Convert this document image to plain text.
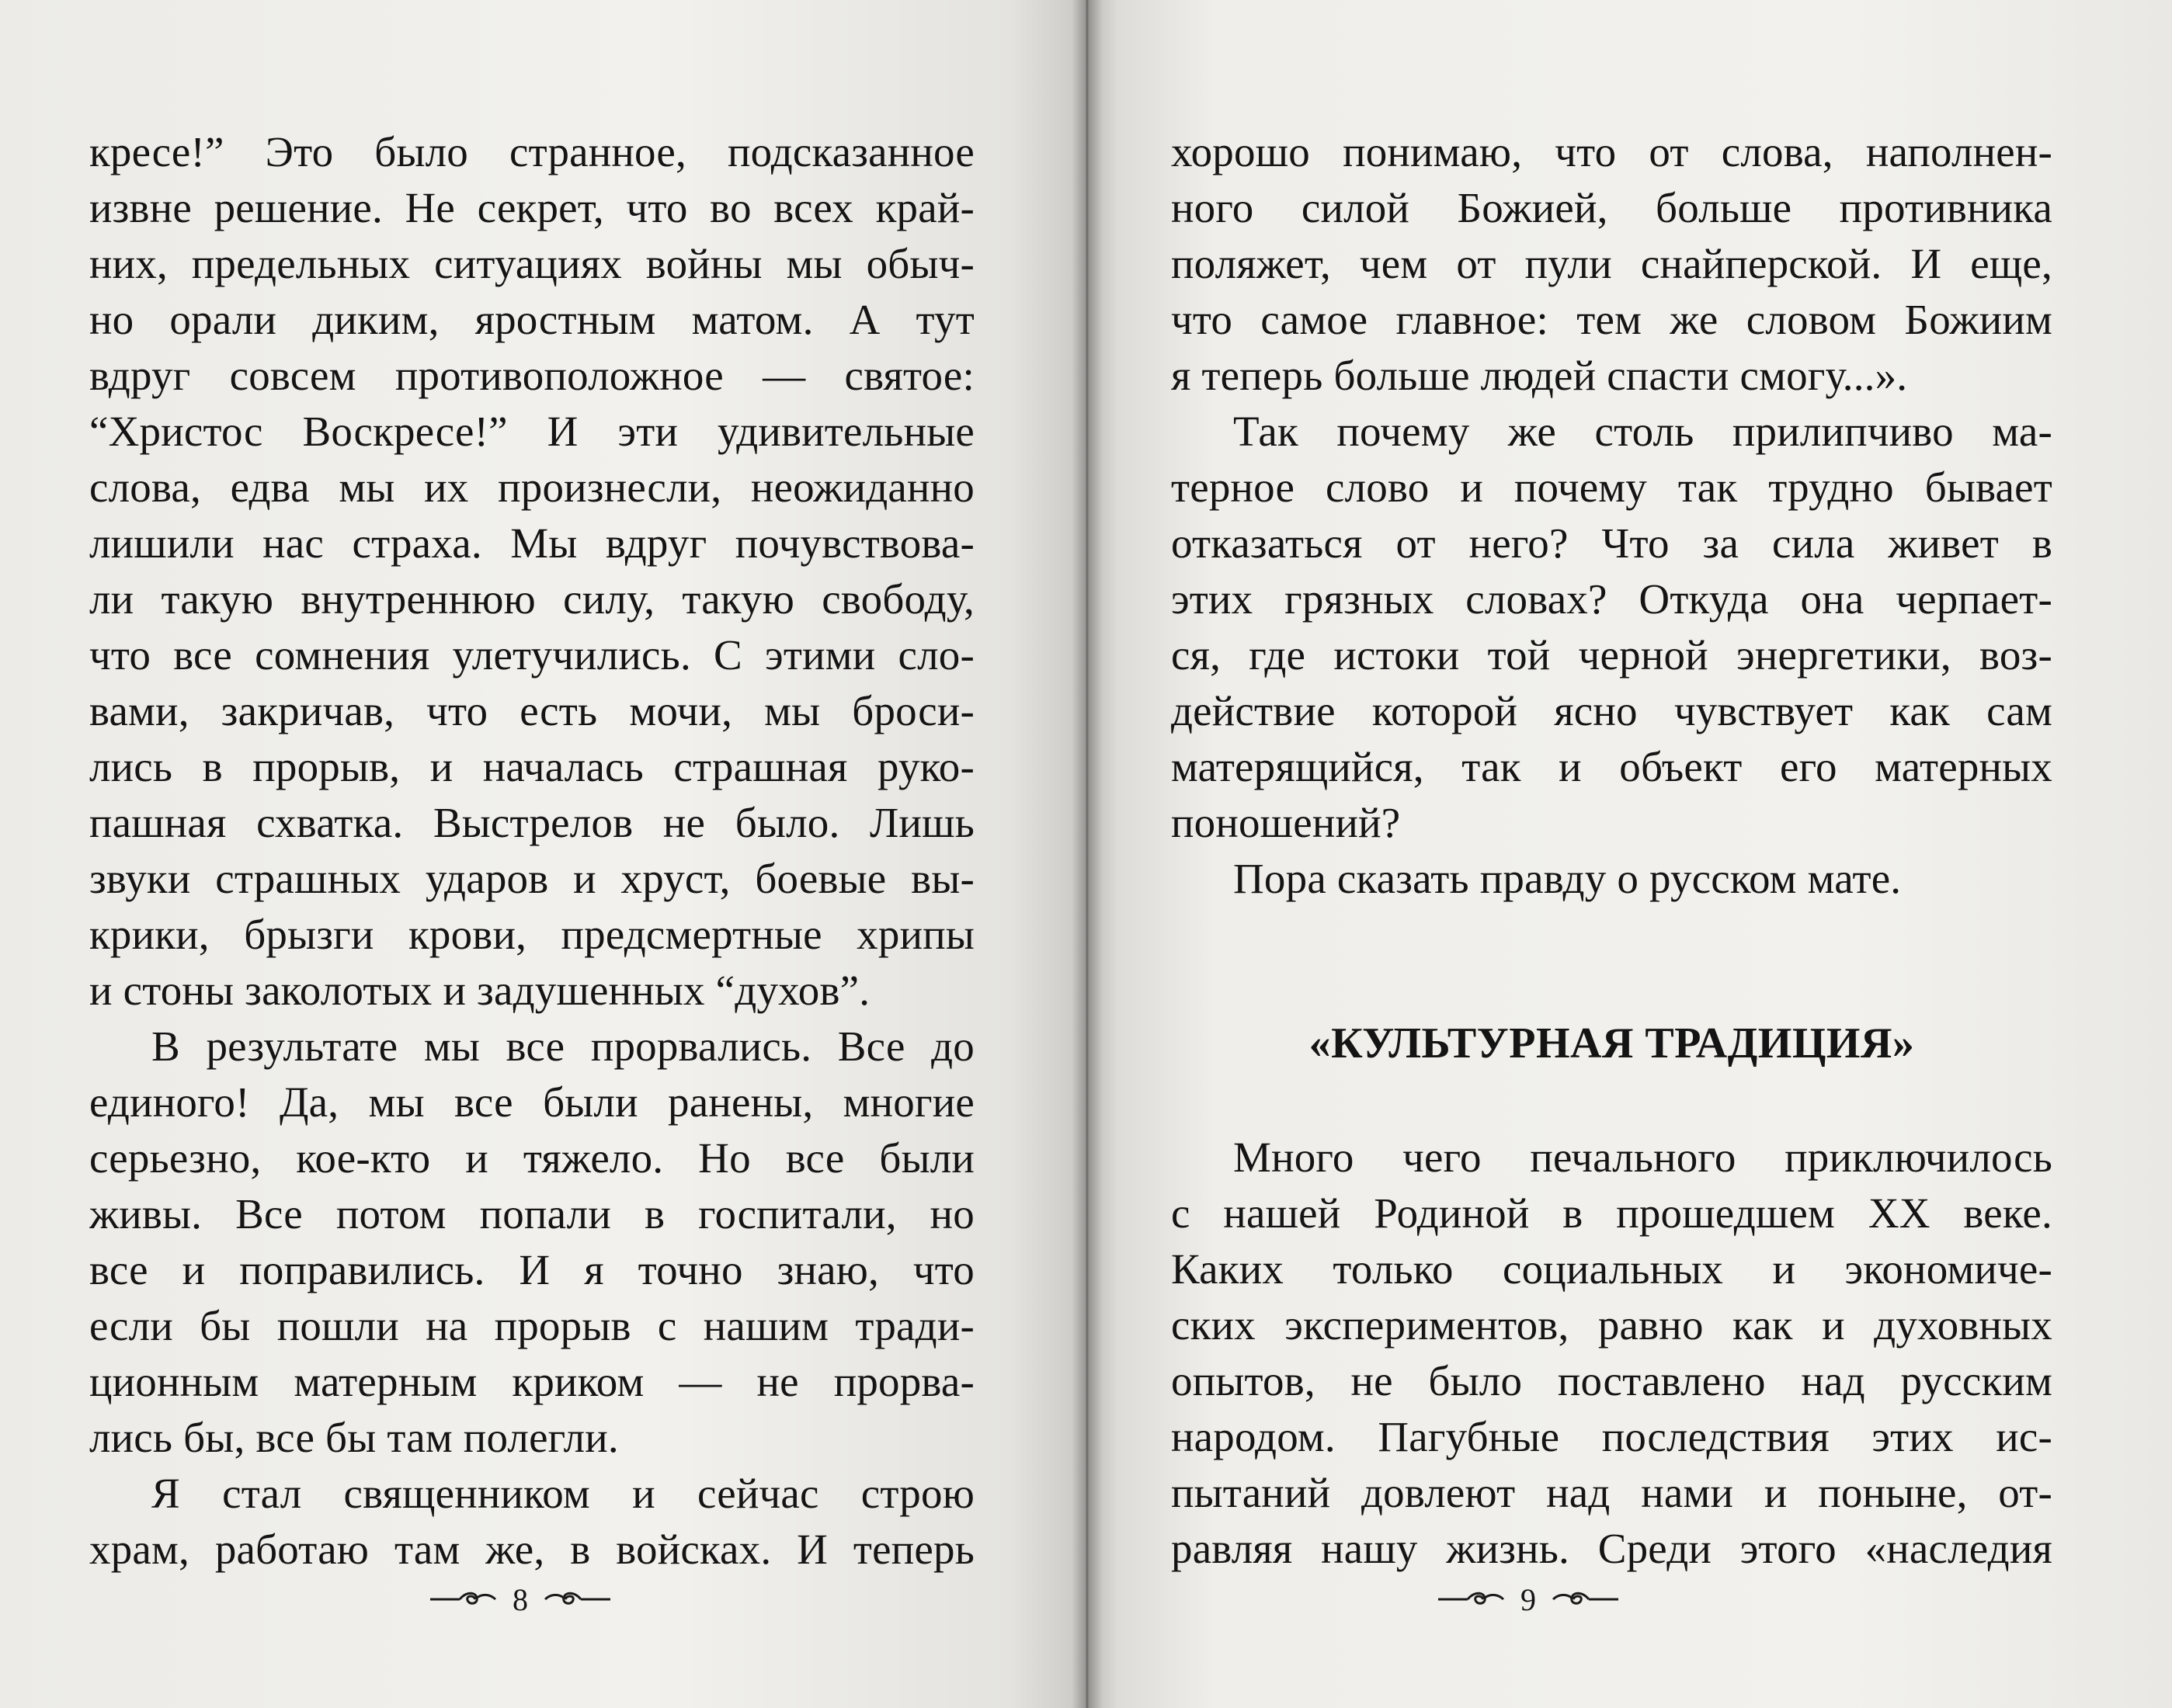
кресе!” Это было странное, подсказанное
извне решение. Не секрет, что во всех край-
них, предельных ситуациях войны мы обыч-
но орали диким, яростным матом. А тут
вдруг совсем противоположное — святое:
“Христос Воскресе!” И эти удивительные
слова, едва мы их произнесли, неожиданно
лишили нас страха. Мы вдруг почувствова-
ли такую внутреннюю силу, такую свободу,
что все сомнения улетучились. С этими сло-
вами, закричав, что есть мочи, мы броси-
лись в прорыв, и началась страшная руко-
пашная схватка. Выстрелов не было. Лишь
звуки страшных ударов и хруст, боевые вы-
крики, брызги крови, предсмертные хрипы
и стоны заколотых и задушенных “духов”.
В результате мы все прорвались. Все до
единого! Да, мы все были ранены, многие
серьезно, кое-кто и тяжело. Но все были
живы. Все потом попали в госпитали, но
все и поправились. И я точно знаю, что
если бы пошли на прорыв с нашим тради-
ционным матерным криком — не прорва-
лись бы, все бы там полегли.
Я стал священником и сейчас строю
храм, работаю там же, в войсках. И теперь
8
хорошо понимаю, что от слова, наполнен-
ного силой Божией, больше противника
поляжет, чем от пули снайперской. И еще,
что самое главное: тем же словом Божиим
я теперь больше людей спасти смогу...».
Так почему же столь прилипчиво ма-
терное слово и почему так трудно бывает
отказаться от него? Что за сила живет в
этих грязных словах? Откуда она черпает-
ся, где истоки той черной энергетики, воз-
действие которой ясно чувствует как сам
матерящийся, так и объект его матерных
поношений?
Пора сказать правду о русском мате.
«КУЛЬТУРНАЯ ТРАДИЦИЯ»
Много чего печального приключилось
с нашей Родиной в прошедшем XX веке.
Каких только социальных и экономиче-
ских экспериментов, равно как и духовных
опытов, не было поставлено над русским
народом. Пагубные последствия этих ис-
пытаний довлеют над нами и поныне, от-
равляя нашу жизнь. Среди этого «наследия
9
